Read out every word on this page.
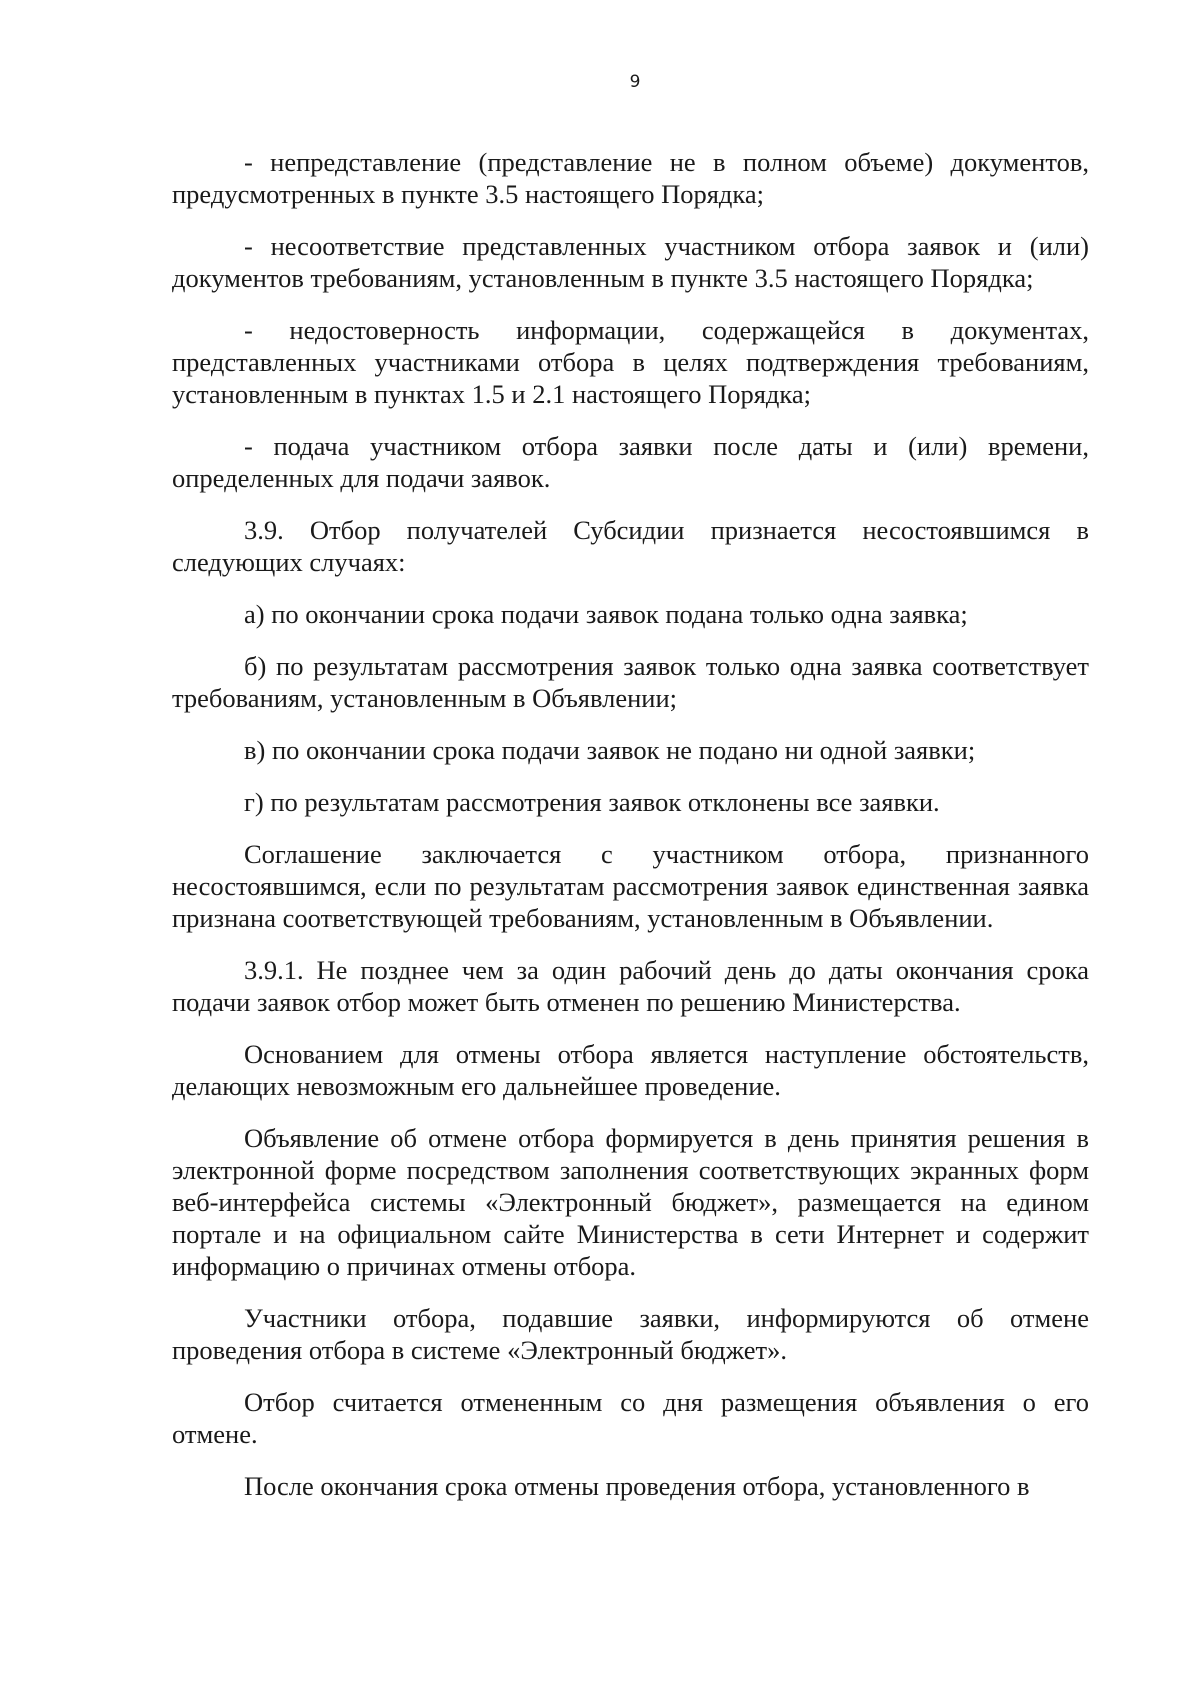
9

- непредставление (представление не в полном объеме) документов, предусмотренных в пункте 3.5 настоящего Порядка;

- несоответствие представленных участником отбора заявок и (или) документов требованиям, установленным в пункте 3.5 настоящего Порядка;

- недостоверность информации, содержащейся в документах, представленных участниками отбора в целях подтверждения требованиям, установленным в пунктах 1.5 и 2.1 настоящего Порядка;

- подача участником отбора заявки после даты и (или) времени, определенных для подачи заявок.

3.9. Отбор получателей Субсидии признается несостоявшимся в следующих случаях:

а) по окончании срока подачи заявок подана только одна заявка;

б) по результатам рассмотрения заявок только одна заявка соответствует требованиям, установленным в Объявлении;

в) по окончании срока подачи заявок не подано ни одной заявки;

г) по результатам рассмотрения заявок отклонены все заявки.

Соглашение заключается с участником отбора, признанного несостоявшимся, если по результатам рассмотрения заявок единственная заявка признана соответствующей требованиям, установленным в Объявлении.

3.9.1. Не позднее чем за один рабочий день до даты окончания срока подачи заявок отбор может быть отменен по решению Министерства.

Основанием для отмены отбора является наступление обстоятельств, делающих невозможным его дальнейшее проведение.

Объявление об отмене отбора формируется в день принятия решения в электронной форме посредством заполнения соответствующих экранных форм веб-интерфейса системы «Электронный бюджет», размещается на едином портале и на официальном сайте Министерства в сети Интернет и содержит информацию о причинах отмены отбора.

Участники отбора, подавшие заявки, информируются об отмене проведения отбора в системе «Электронный бюджет».

Отбор считается отмененным со дня размещения объявления о его отмене.

После окончания срока отмены проведения отбора, установленного в
